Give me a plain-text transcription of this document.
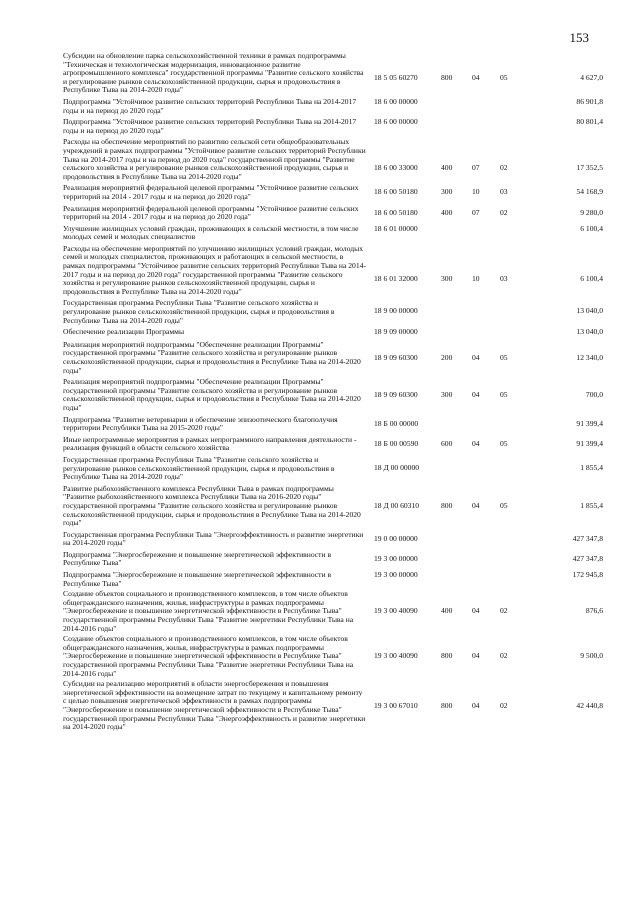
153
Субсидии на обновление парка сельскохозяйственной техники в рамках подпрограммы "Техническая и технологическая модернизация, инновационное развитие агропромышленного комплекса" государственной программы "Развитие сельского хозяйства и регулирование рынков сельскохозяйственной продукции, сырья и продовольствия в Республике Тыва на 2014-2020 годы"
18 5 05 60270	800	04	05	4 627,0
Подпрограмма "Устойчивое развитие сельских территорий Республики Тыва на 2014-2017 годы и на период до 2020 года"
18 6 00 00000	86 901,8
Подпрограмма "Устойчивое развитие сельских территорий Республики Тыва на 2014-2017 годы и на период до 2020 года"
18 6 00 00000	80 801,4
Расходы на обеспечение мероприятий по развитию сельской сети общеобразовательных учреждений в рамках подпрограммы "Устойчивое развитие сельских территорий Республики Тыва на 2014-2017 годы и на период до 2020 года" государственной программы "Развитие сельского хозяйства и регулирование рынков сельскохозяйственной продукции, сырья и продовольствия в Республике Тыва на 2014-2020 годы"
18 6 00 33000	400	07	02	17 352,5
Реализация мероприятий федеральной целевой программы "Устойчивое развитие сельских территорий на 2014 - 2017 годы и на период до 2020 года"
18 6 00 50180	300	10	03	54 168,9
Реализация мероприятий федеральной целевой программы "Устойчивое развитие сельских территорий на 2014 - 2017 годы и на период до 2020 года"
18 6 00 50180	400	07	02	9 280,0
Улучшение жилищных условий граждан, проживающих в сельской местности, в том числе молодых семей и молодых специалистов
18 6 01 00000	6 100,4
Расходы на обеспечение мероприятий по улучшению жилищных условий граждан, молодых семей и молодых специалистов, проживающих и работающих в сельской местности, в рамках подпрограммы "Устойчивое развитие сельских территорий Республики Тыва на 2014-2017 годы и на период до 2020 года" государственной программы "Развитие сельского хозяйства и регулирование рынков сельскохозяйственной продукции, сырья и продовольствия в Республике Тыва на 2014-2020 годы"
18 6 01 32000	300	10	03	6 100,4
Государственная программа Республики Тыва "Развитие сельского хозяйства и регулирование рынков сельскохозяйственной продукции, сырья и продовольствия в Республике Тыва на 2014-2020 годы"
18 9 00 00000	13 040,0
Обеспечение реализации Программы	18 9 09 00000	13 040,0
Реализация мероприятий подпрограммы "Обеспечение реализации Программы" государственной программы "Развитие сельского хозяйства и регулирование рынков сельскохозяйственной продукции, сырья и продовольствия в Республике Тыва на 2014-2020 годы"
18 9 09 60300	200	04	05	12 340,0
Реализация мероприятий подпрограммы "Обеспечение реализации Программы" государственной программы "Развитие сельского хозяйства и регулирование рынков сельскохозяйственной продукции, сырья и продовольствия в Республике Тыва на 2014-2020 годы"
18 9 09 60300	300	04	05	700,0
Подпрограмма "Развитие ветеринарии и обеспечение эпизоотического благополучия территории Республики Тыва на 2015-2020 годы"
18 Б 00 00000	91 399,4
Иные непрограммные мероприятия в рамках непрограммного направления деятельности - реализация функций в области сельского хозяйства
18 Б 00 00590	600	04	05	91 399,4
Государственная программа Республики Тыва "Развитие сельского хозяйства и регулирование рынков сельскохозяйственной продукции, сырья и продовольствия в Республике Тыва на 2014-2020 годы"
18 Д 00 00000	1 855,4
Развитие рыбохозяйственного комплекса Республики Тыва в рамках подпрограммы "Развитие рыбохозяйственного комплекса Республики Тыва на 2016-2020 годы" государственной программы "Развитие сельского хозяйства и регулирование рынков сельскохозяйственной продукции, сырья и продовольствия в Республике Тыва на 2014-2020 годы"
18 Д 00 60310	800	04	05	1 855,4
Государственная программа Республики Тыва "Энергоэффективность и развитие энергетики на 2014-2020 годы"
19 0 00 00000	427 347,8
Подпрограмма "Энергосбережение и повышение энергетической эффективности в Республике Тыва"
19 3 00 00000	427 347,8
Подпрограмма "Энергосбережение и повышение энергетической эффективности в Республике Тыва"
19 3 00 00000	172 945,8
Создание объектов социального и производственного комплексов, в том числе объектов общегражданского назначения, жилья, инфраструктуры в рамках подпрограммы "Энергосбережение и повышение энергетической эффективности в Республике Тыва" государственной программы Республики Тыва "Развитие энергетики Республики Тыва на 2014-2016 годы"
19 3 00 40090	400	04	02	876,6
Создание объектов социального и производственного комплексов, в том числе объектов общегражданского назначения, жилья, инфраструктуры в рамках подпрограммы "Энергосбережение и повышение энергетической эффективности в Республике Тыва" государственной программы Республики Тыва "Развитие энергетики Республики Тыва на 2014-2016 годы"
19 3 00 40090	800	04	02	9 500,0
Субсидии на реализацию мероприятий в области энергосбережения и повышения энергетической эффективности на возмещение затрат по текущему и капитальному ремонту с целью повышения энергетической эффективности в рамках подпрограммы "Энергосбережение и повышение энергетической эффективности в Республике Тыва" государственной программы Республики Тыва "Энергоэффективность и развитие энергетики на 2014-2020 годы"
19 3 00 67010	800	04	02	42 440,8
